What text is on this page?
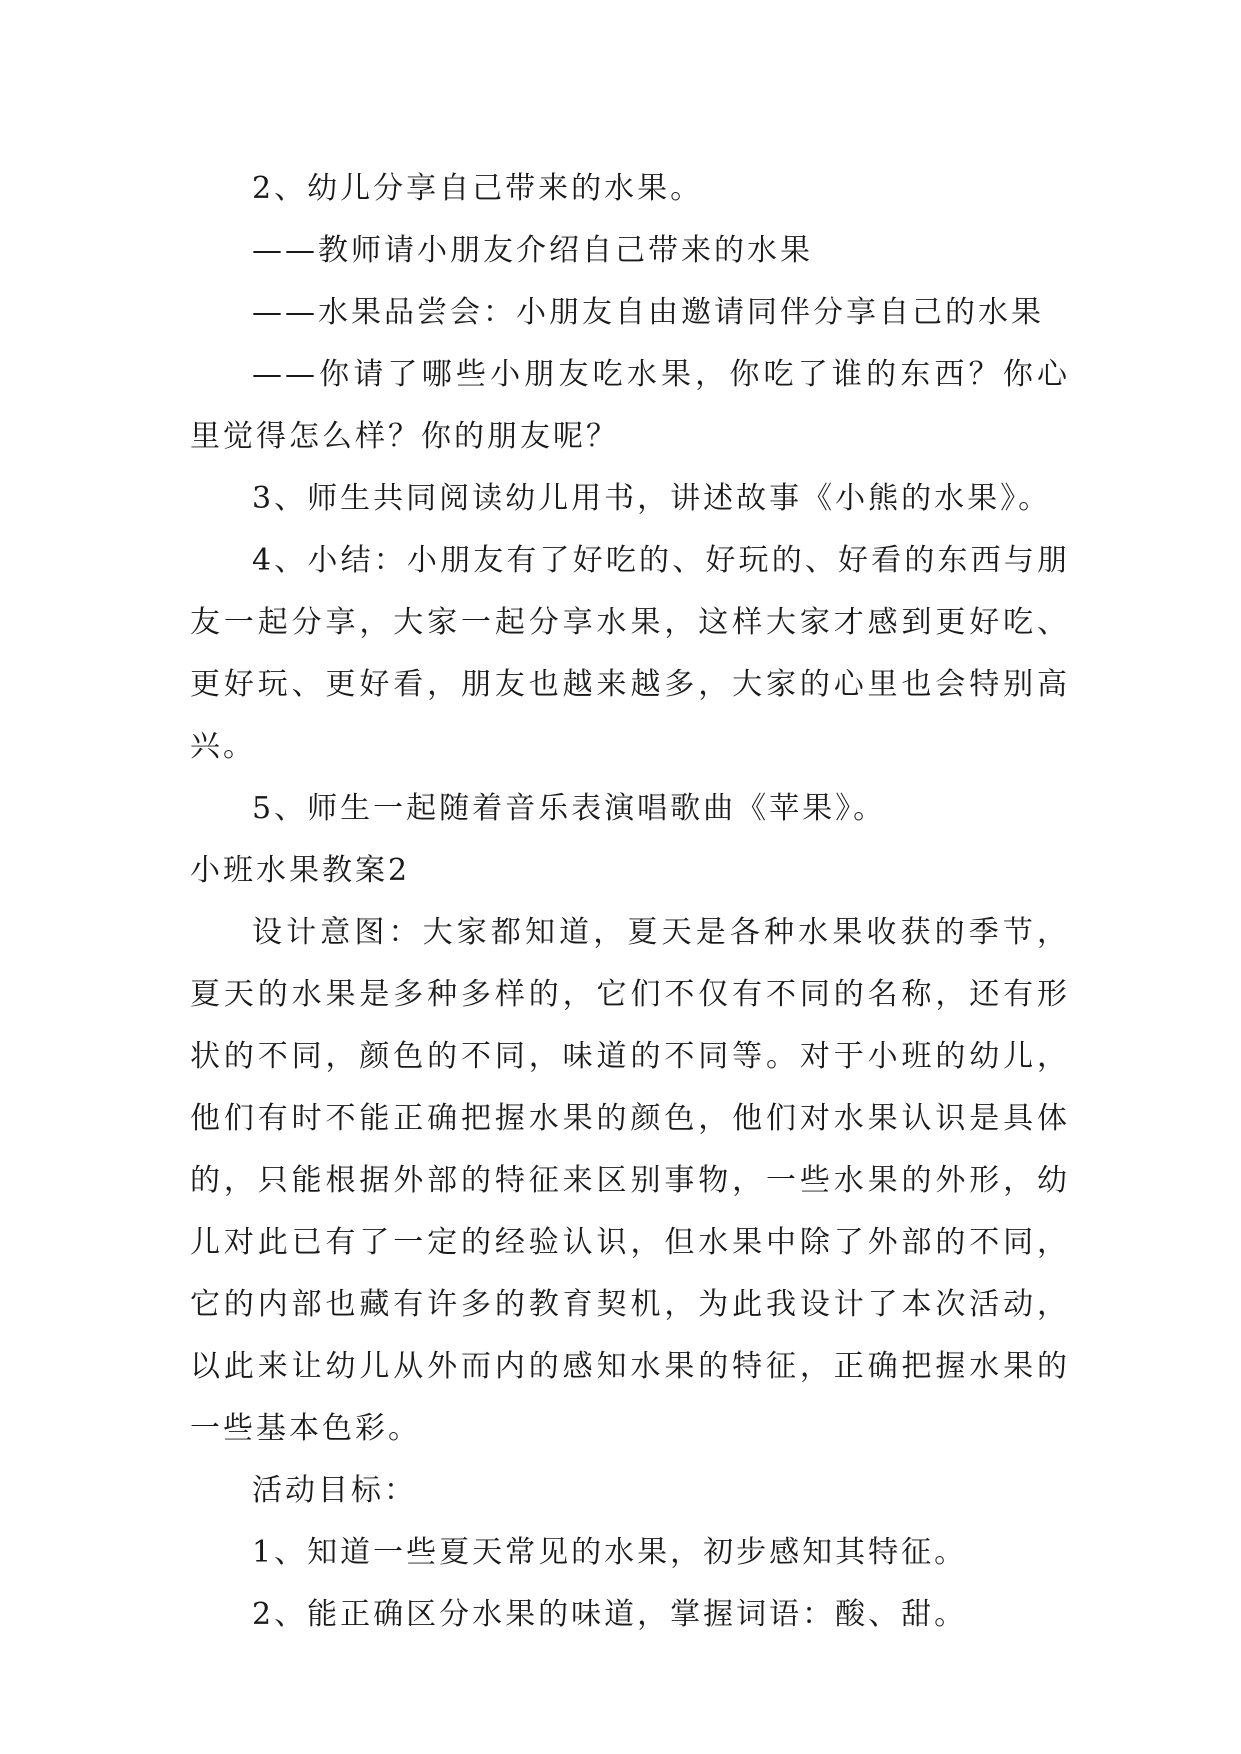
2、幼儿分享自己带来的水果。

——教师请小朋友介绍自己带来的水果

——水果品尝会：小朋友自由邀请同伴分享自己的水果

——你请了哪些小朋友吃水果，你吃了谁的东西？你心里觉得怎么样？你的朋友呢？

3、师生共同阅读幼儿用书，讲述故事《小熊的水果》。

4、小结：小朋友有了好吃的、好玩的、好看的东西与朋友一起分享，大家一起分享水果，这样大家才感到更好吃、更好玩、更好看，朋友也越来越多，大家的心里也会特别高兴。

5、师生一起随着音乐表演唱歌曲《苹果》。

小班水果教案2

设计意图：大家都知道，夏天是各种水果收获的季节，夏天的水果是多种多样的，它们不仅有不同的名称，还有形状的不同，颜色的不同，味道的不同等。对于小班的幼儿，他们有时不能正确把握水果的颜色，他们对水果认识是具体的，只能根据外部的特征来区别事物，一些水果的外形，幼儿对此已有了一定的经验认识，但水果中除了外部的不同，它的内部也藏有许多的教育契机，为此我设计了本次活动，以此来让幼儿从外而内的感知水果的特征，正确把握水果的一些基本色彩。

活动目标：

1、知道一些夏天常见的水果，初步感知其特征。

2、能正确区分水果的味道，掌握词语：酸、甜。
